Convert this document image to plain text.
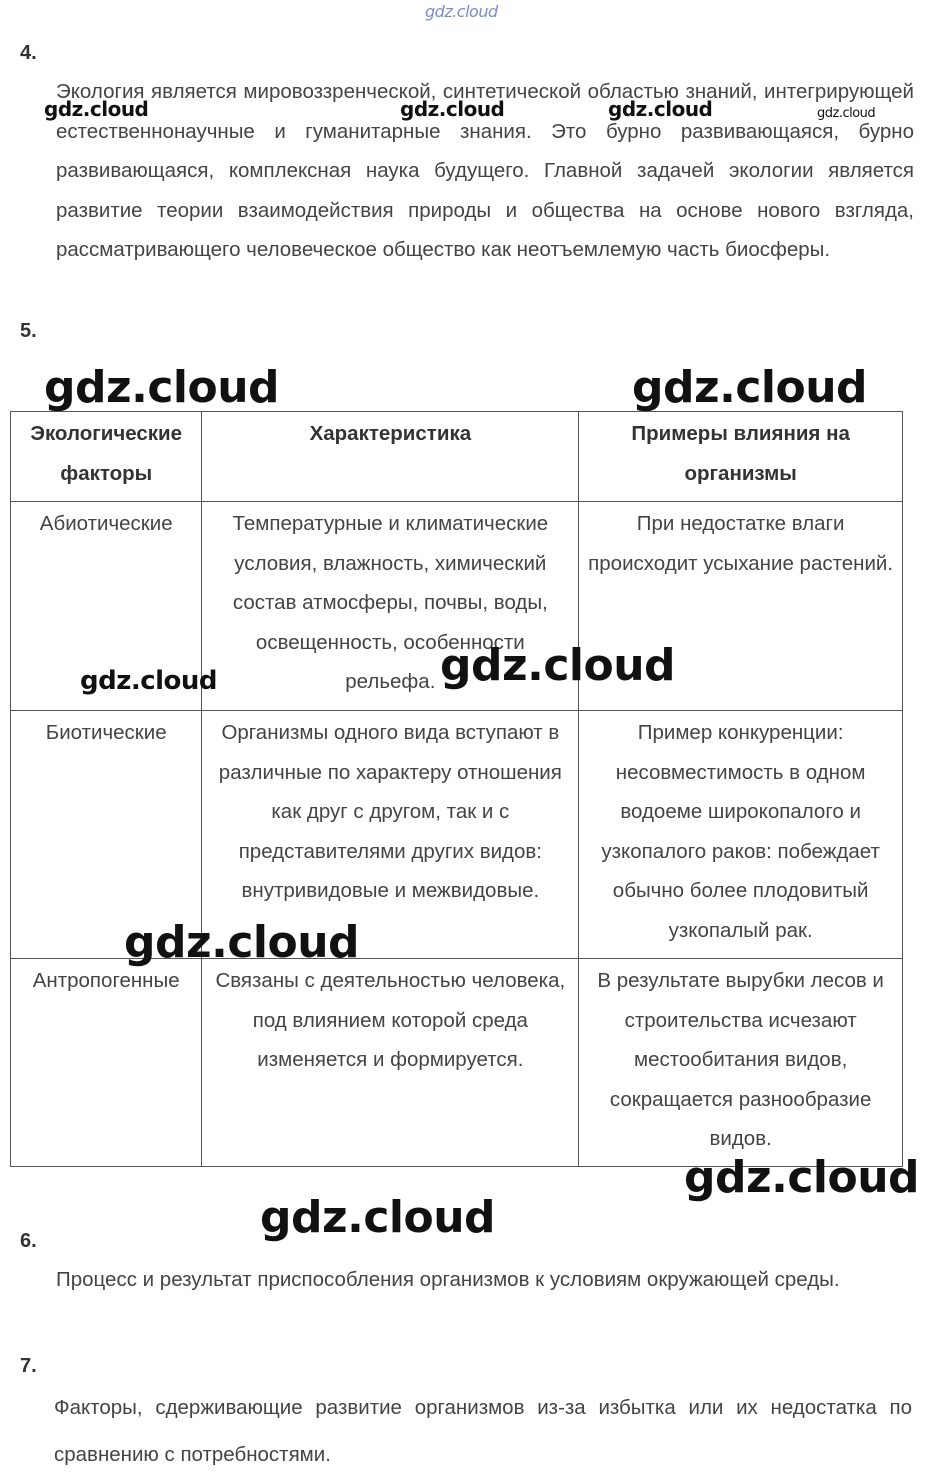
gdz.cloud
gdz.cloud	gdz.cloud	gdz.cloud	gdz.cloud
4.
Экология является мировоззренческой, синтетической областью знаний, интегрирующей естественнонаучные и гуманитарные знания. Это бурно развивающаяся, бурно развивающаяся, комплексная наука будущего. Главной задачей экологии является развитие теории взаимодействия природы и общества на основе нового взгляда, рассматривающего человеческое общество как неотъемлемую часть биосферы.
5.
Экологические факторы	Характеристика	Примеры влияния на организмы
Абиотические	Температурные и климатические условия, влажность, химический состав атмосферы, почвы, воды, освещенность, особенности рельефа.	При недостатке влаги происходит усыхание растений.
Биотические	Организмы одного вида вступают в различные по характеру отношения как друг с другом, так и с представителями других видов: внутривидовые и межвидовые.	Пример конкуренции: несовместимость в одном водоеме широкопалого и узкопалого раков: побеждает обычно более плодовитый узкопалый рак.
Антропогенные	Связаны с деятельностью человека, под влиянием которой среда изменяется и формируется.	В результате вырубки лесов и строительства исчезают местообитания видов, сокращается разнообразие видов.
gdz.cloud	gdz.cloud
gdz.cloud	gdz.cloud
gdz.cloud
gdz.cloud
gdz.cloud
6.
Процесс и результат приспособления организмов к условиям окружающей среды.
7.
Факторы, сдерживающие развитие организмов из-за избытка или их недостатка по сравнению с потребностями.
